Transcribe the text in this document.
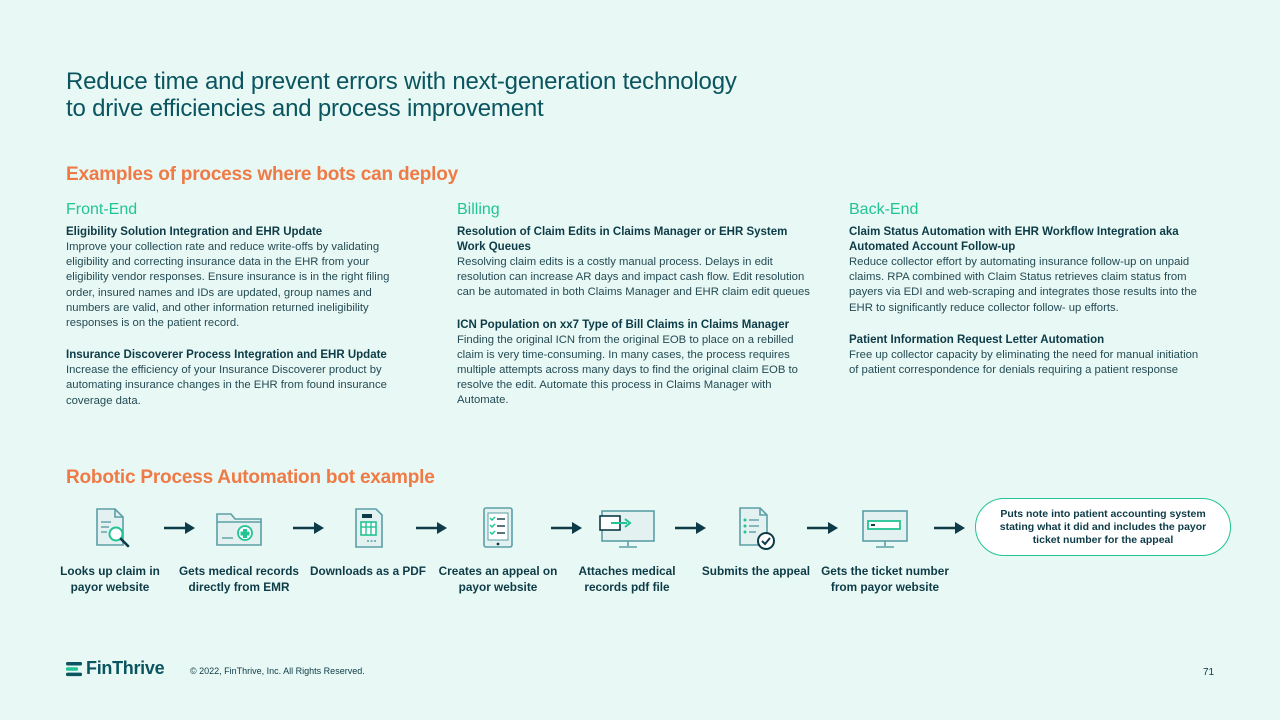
Reduce time and prevent errors with next-generation technology
to drive efficiencies and process improvement
Examples of process where bots can deploy
Front-End
Eligibility Solution Integration and EHR Update
Improve your collection rate and reduce write-offs by validating eligibility and correcting insurance data in the EHR from your eligibility vendor responses. Ensure insurance is in the right filing order, insured names and IDs are updated, group names and numbers are valid, and other information returned ineligibility responses is on the patient record.
Insurance Discoverer Process Integration and EHR Update
Increase the efficiency of your Insurance Discoverer product by automating insurance changes in the EHR from found insurance coverage data.
Billing
Resolution of Claim Edits in Claims Manager or EHR System Work Queues
Resolving claim edits is a costly manual process. Delays in edit resolution can increase AR days and impact cash flow. Edit resolution can be automated in both Claims Manager and EHR claim edit queues
ICN Population on xx7 Type of Bill Claims in Claims Manager
Finding the original ICN from the original EOB to place on a rebilled claim is very time-consuming. In many cases, the process requires multiple attempts across many days to find the original claim EOB to resolve the edit. Automate this process in Claims Manager with Automate.
Back-End
Claim Status Automation with EHR Workflow Integration aka Automated Account Follow-up
Reduce collector effort by automating insurance follow-up on unpaid claims. RPA combined with Claim Status retrieves claim status from payers via EDI and web-scraping and integrates those results into the EHR to significantly reduce collector follow- up efforts.
Patient Information Request Letter Automation
Free up collector capacity by eliminating the need for manual initiation of patient correspondence for denials requiring a patient response
Robotic Process Automation bot example
Looks up claim in payor website
Gets medical records directly from EMR
Downloads as a PDF	Creates an appeal on payor website
Attaches medical records pdf file
Submits the appeal Gets the ticket number from payor website
Puts note into patient accounting system stating what it did and includes the payor ticket number for the appeal
FinThrive	© 2022, FinThrive, Inc. All Rights Reserved.	71
